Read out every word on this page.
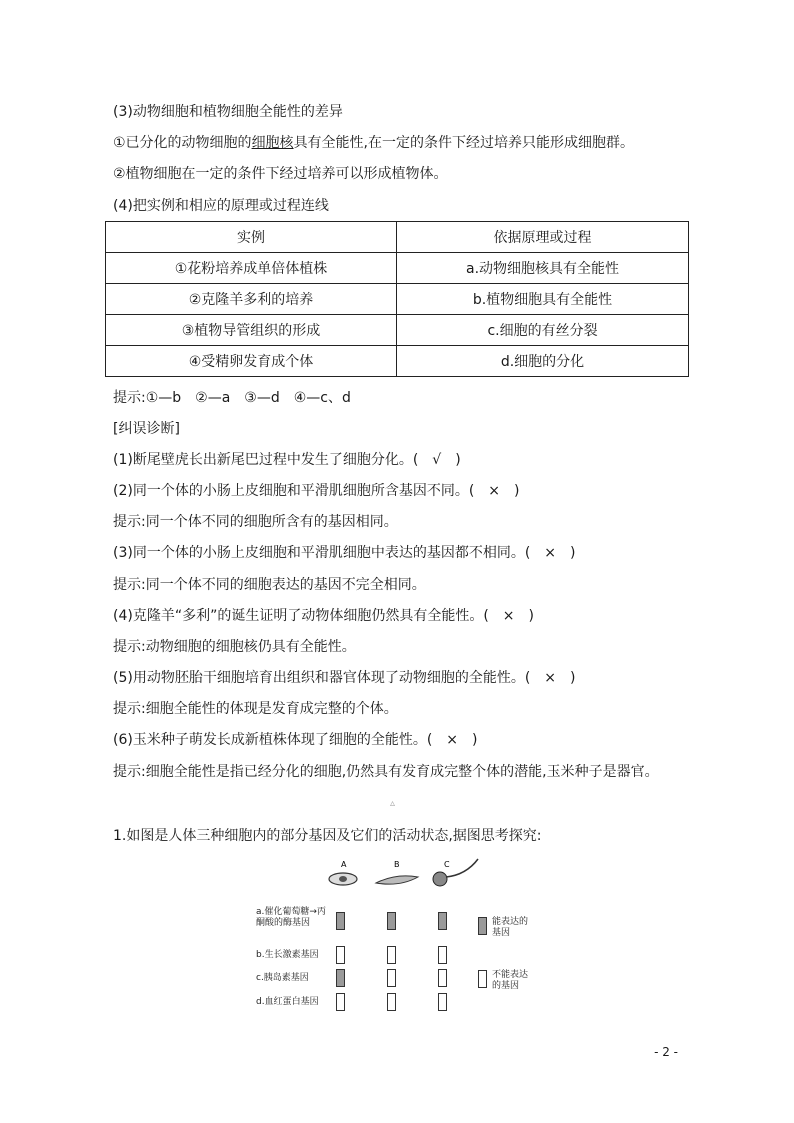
(3)动物细胞和植物细胞全能性的差异
①已分化的动物细胞的细胞核具有全能性,在一定的条件下经过培养只能形成细胞群。
②植物细胞在一定的条件下经过培养可以形成植物体。
(4)把实例和相应的原理或过程连线
实例	依据原理或过程
①花粉培养成单倍体植株	a.动物细胞核具有全能性
②克隆羊多利的培养	b.植物细胞具有全能性
③植物导管组织的形成	c.细胞的有丝分裂
④受精卵发育成个体	d.细胞的分化
提示:①—b　②—a　③—d　④—c、d
[纠误诊断]
(1)断尾壁虎长出新尾巴过程中发生了细胞分化。(　√　)
(2)同一个体的小肠上皮细胞和平滑肌细胞所含基因不同。(　×　)
提示:同一个体不同的细胞所含有的基因相同。
(3)同一个体的小肠上皮细胞和平滑肌细胞中表达的基因都不相同。(　×　)
提示:同一个体不同的细胞表达的基因不完全相同。
(4)克隆羊“多利”的诞生证明了动物体细胞仍然具有全能性。(　×　)
提示:动物细胞的细胞核仍具有全能性。
(5)用动物胚胎干细胞培育出组织和器官体现了动物细胞的全能性。(　×　)
提示:细胞全能性的体现是发育成完整的个体。
(6)玉米种子萌发长成新植株体现了细胞的全能性。(　×　)
提示:细胞全能性是指已经分化的细胞,仍然具有发育成完整个体的潜能,玉米种子是器官。
▵
1.如图是人体三种细胞内的部分基因及它们的活动状态,据图思考探究:
A	B	C
a.催化葡萄糖→丙酮酸的酶基因
b.生长激素基因
c.胰岛素基因
d.血红蛋白基因
能表达的基因
不能表达的基因
- 2 -
